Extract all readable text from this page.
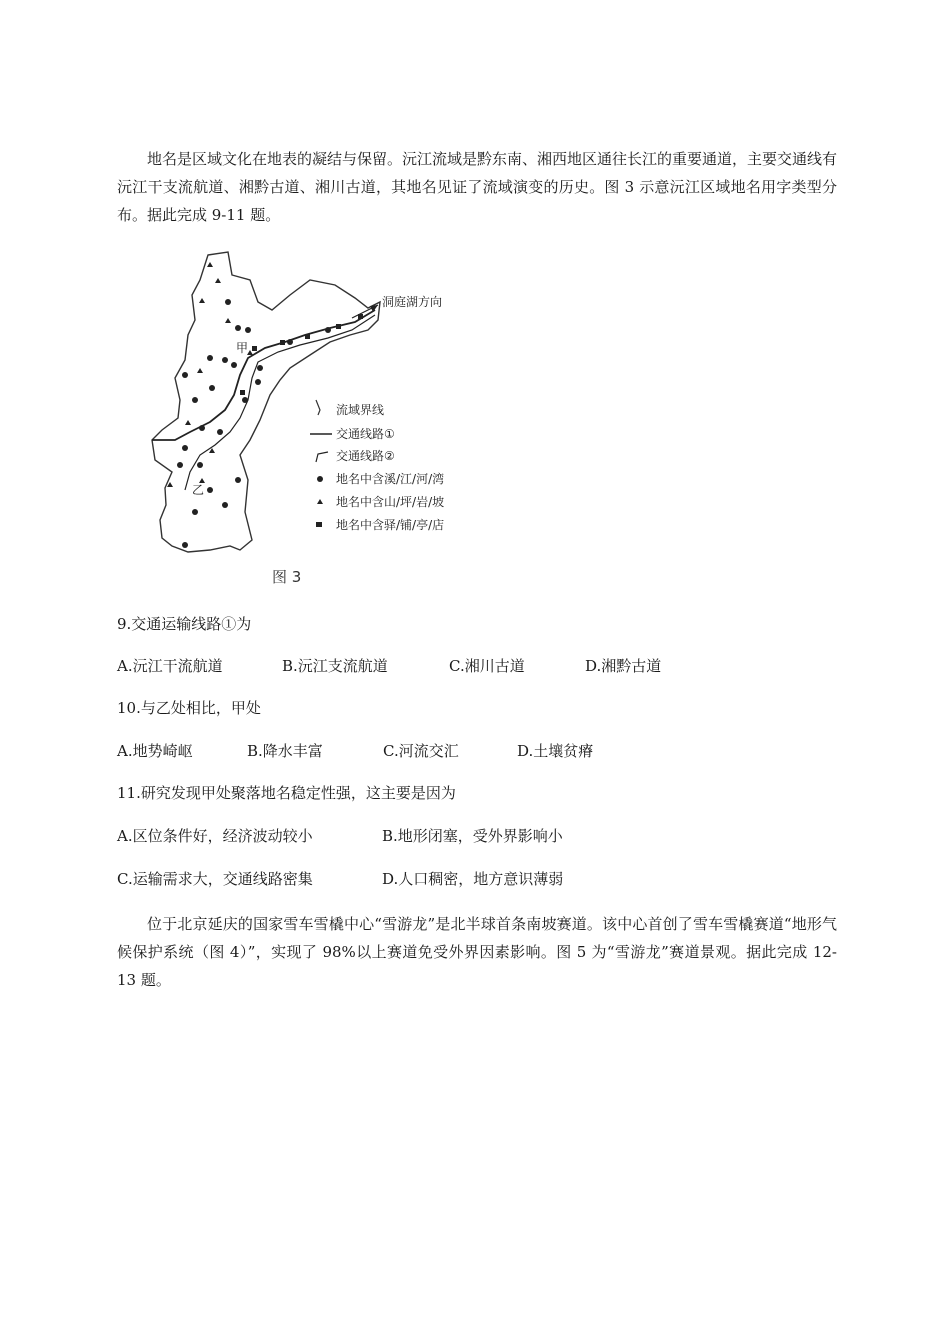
地名是区域文化在地表的凝结与保留。沅江流域是黔东南、湘西地区通往长江的重要通道，主要交通线有沅江干支流航道、湘黔古道、湘川古道，其地名见证了流域演变的历史。图 3 示意沅江区域地名用字类型分布。据此完成 9-11 题。

洞庭湖方向
甲
乙
流域界线
交通线路①
交通线路②
地名中含溪/江/河/湾
地名中含山/坪/岩/坡
地名中含驿/铺/亭/店
图 3

9.交通运输线路①为

A.沅江干流航道	B.沅江支流航道	C.湘川古道	D.湘黔古道

10.与乙处相比，甲处

A.地势崎岖	B.降水丰富	C.河流交汇	D.土壤贫瘠

11.研究发现甲处聚落地名稳定性强，这主要是因为

A.区位条件好，经济波动较小	B.地形闭塞，受外界影响小
C.运输需求大，交通线路密集	D.人口稠密，地方意识薄弱

位于北京延庆的国家雪车雪橇中心“雪游龙”是北半球首条南坡赛道。该中心首创了雪车雪橇赛道“地形气候保护系统（图 4）”，实现了 98%以上赛道免受外界因素影响。图 5 为“雪游龙”赛道景观。据此完成 12-13 题。
